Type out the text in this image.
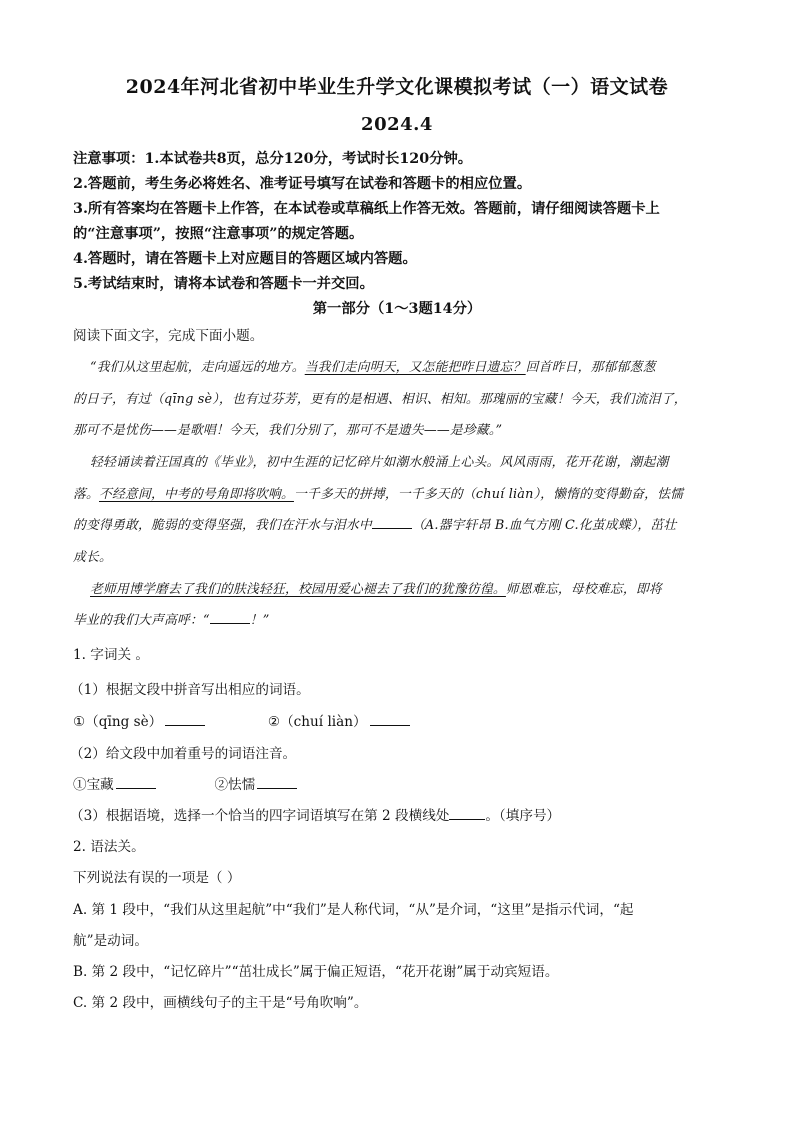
2024年河北省初中毕业生升学文化课模拟考试（一）语文试卷
2024.4
注意事项：1.本试卷共8页，总分120分，考试时长120分钟。
2.答题前，考生务必将姓名、准考证号填写在试卷和答题卡的相应位置。
3.所有答案均在答题卡上作答，在本试卷或草稿纸上作答无效。答题前，请仔细阅读答题卡上
的“注意事项”，按照“注意事项”的规定答题。
4.答题时，请在答题卡上对应题目的答题区域内答题。
5.考试结束时，请将本试卷和答题卡一并交回。
第一部分（1～3题14分）
阅读下面文字，完成下面小题。
“我们从这里起航，走向遥远的地方。当我们走向明天，又怎能把昨日遗忘？回首昨日，那郁郁葱葱
的日子，有过（qīng sè），也有过芬芳，更有的是相遇、相识、相知。那瑰丽的宝藏！今天，我们流泪了，
那可不是忧伤——是歌唱！今天，我们分别了，那可不是遗失——是珍藏。”
轻轻诵读着汪国真的《毕业》，初中生涯的记忆碎片如潮水般涌上心头。风风雨雨，花开花谢，潮起潮
落。不经意间，中考的号角即将吹响。一千多天的拼搏，一千多天的（chuí liàn），懒惰的变得勤奋，怯懦
的变得勇敢，脆弱的变得坚强，我们在汗水与泪水中	（A.器宇轩昂 B.血气方刚 C.化茧成蝶），茁壮
成长。
老师用博学磨去了我们的肤浅轻狂，校园用爱心褪去了我们的犹豫彷徨。师恩难忘，母校难忘，即将
毕业的我们大声高呼：“	！”
1. 字词关 。
（1）根据文段中拼音写出相应的词语。
①（qīng sè）	②（chuí liàn）
（2）给文段中加着重号的词语注音。
①宝藏	②怯懦
（3）根据语境，选择一个恰当的四字词语填写在第 2 段横线处	。（填序号）
2. 语法关。
下列说法有误的一项是（ ）
A. 第 1 段中，“我们从这里起航”中“我们”是人称代词，“从”是介词，“这里”是指示代词，“起
航”是动词。
B. 第 2 段中，“记忆碎片”“茁壮成长”属于偏正短语，“花开花谢”属于动宾短语。
C. 第 2 段中，画横线句子的主干是“号角吹响”。
